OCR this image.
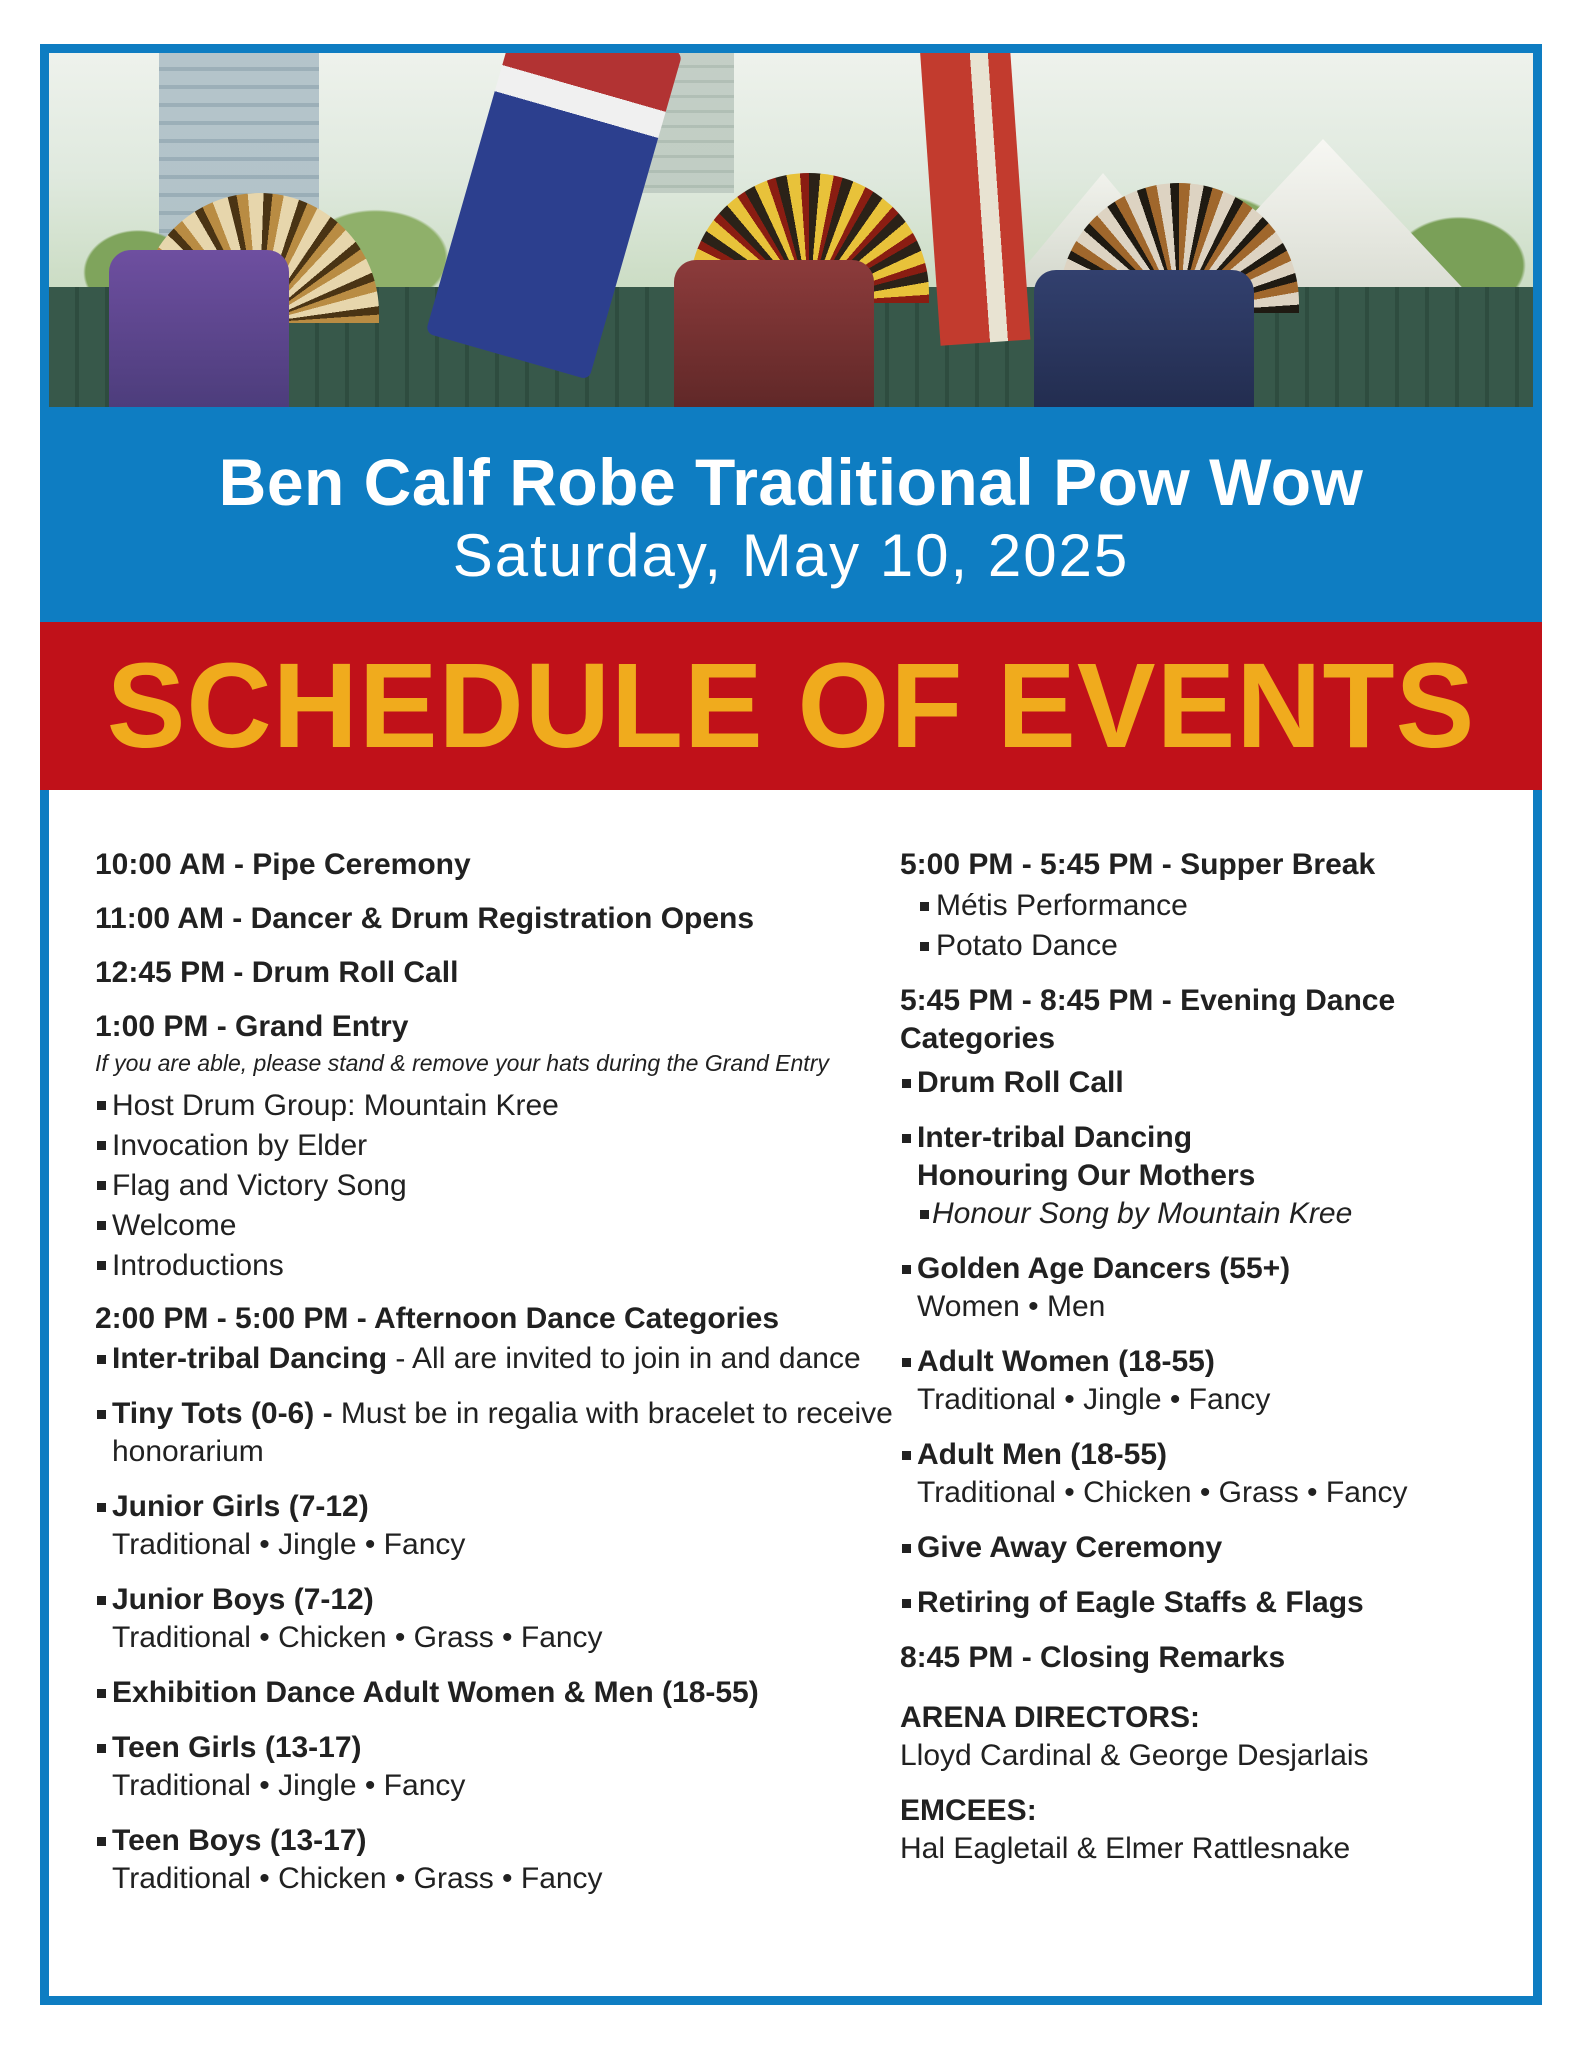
Ben Calf Robe Traditional Pow Wow
Saturday, May 10, 2025
SCHEDULE OF EVENTS
10:00 AM - Pipe Ceremony
11:00 AM - Dancer & Drum Registration Opens
12:45 PM - Drum Roll Call
1:00 PM - Grand Entry
If you are able, please stand & remove your hats during the Grand Entry
Host Drum Group: Mountain Kree
Invocation by Elder
Flag and Victory Song
Welcome
Introductions
2:00 PM - 5:00 PM - Afternoon Dance Categories
Inter-tribal Dancing - All are invited to join in and dance
Tiny Tots (0-6) - Must be in regalia with bracelet to receive honorarium
Junior Girls (7-12)
Traditional • Jingle • Fancy
Junior Boys (7-12)
Traditional • Chicken • Grass • Fancy
Exhibition Dance Adult Women & Men (18-55)
Teen Girls (13-17)
Traditional • Jingle • Fancy
Teen Boys (13-17)
Traditional • Chicken • Grass • Fancy
5:00 PM - 5:45 PM - Supper Break
Métis Performance
Potato Dance
5:45 PM - 8:45 PM - Evening Dance Categories
Drum Roll Call
Inter-tribal Dancing
Honouring Our Mothers
Honour Song by Mountain Kree
Golden Age Dancers (55+)
Women • Men
Adult Women (18-55)
Traditional • Jingle • Fancy
Adult Men (18-55)
Traditional • Chicken • Grass • Fancy
Give Away Ceremony
Retiring of Eagle Staffs & Flags
8:45 PM - Closing Remarks
ARENA DIRECTORS:
Lloyd Cardinal & George Desjarlais
EMCEES:
Hal Eagletail & Elmer Rattlesnake
